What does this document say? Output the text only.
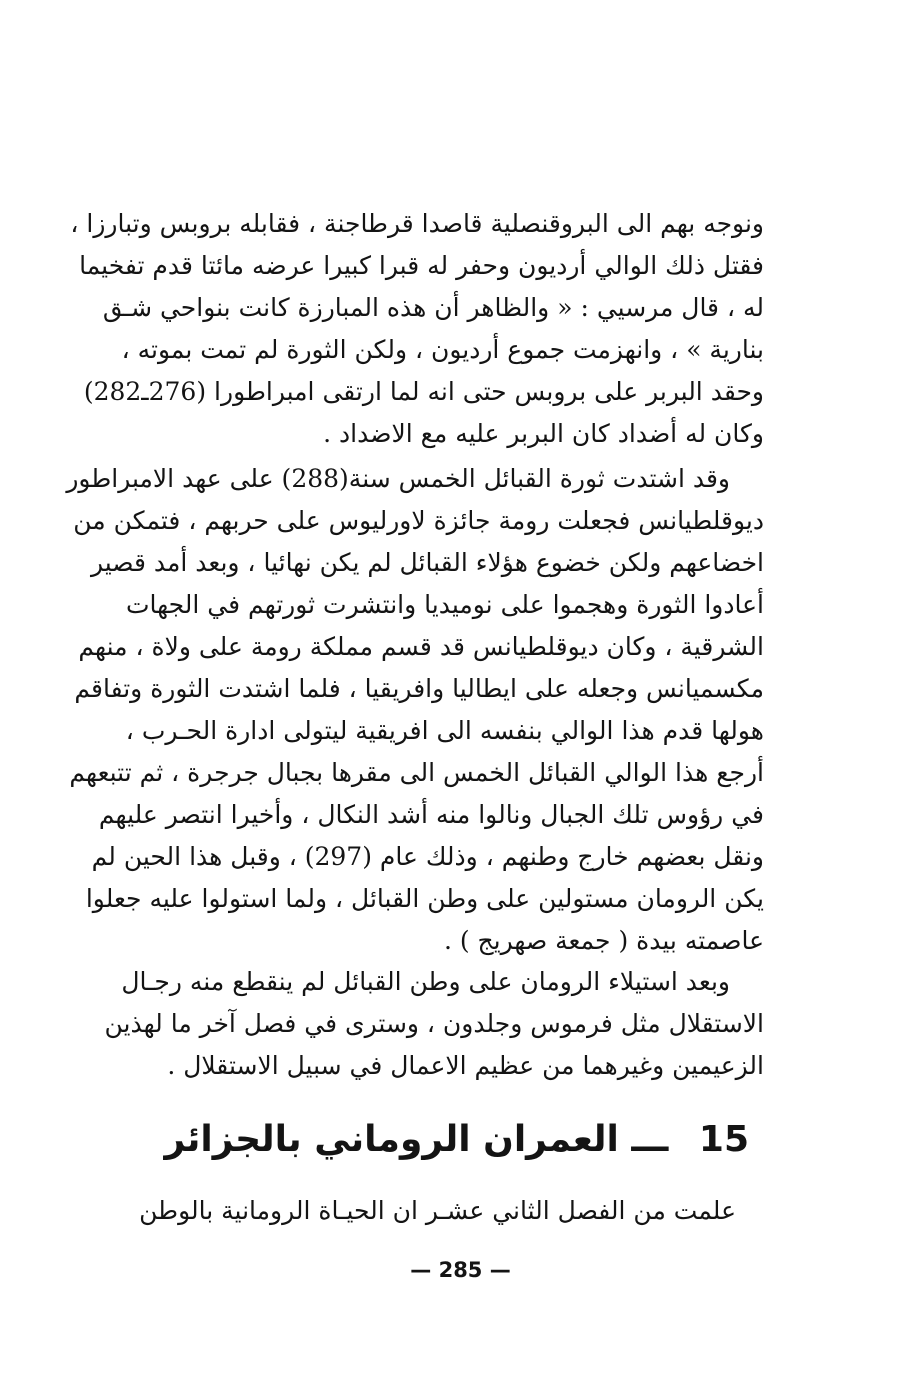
ونوجه بهم الى البروقنصلية قاصدا قرطاجنة ، فقابله بروبس وتبارزا ،
فقتل ذلك الوالي أرديون وحفر له قبرا كبيرا عرضه مائتا قدم تفخيما
له ، قال مرسيي : « والظاهر أن هذه المبارزة كانت بنواحي شـق
بنارية » ، وانهزمت جموع أرديون ، ولكن الثورة لم تمت بموته ،
وحقد البربر على بروبس حتى انه لما ارتقى امبراطورا (276ـ282)
وكان له أضداد كان البربر عليه مع الاضداد .
وقد اشتدت ثورة القبائل الخمس سنة(288) على عهد الامبراطور
ديوقلطيانس فجعلت رومة جائزة لاورليوس على حربهم ، فتمكن من
اخضاعهم ولكن خضوع هؤلاء القبائل لم يكن نهائيا ، وبعد أمد قصير
أعادوا الثورة وهجموا على نوميديا وانتشرت ثورتهم في الجهات
الشرقية ، وكان ديوقلطيانس قد قسم مملكة رومة على ولاة ، منهم
مكسميانس وجعله على ايطاليا وافريقيا ، فلما اشتدت الثورة وتفاقم
هولها قدم هذا الوالي بنفسه الى افريقية ليتولى ادارة الحـرب ،
أرجع هذا الوالي القبائل الخمس الى مقرها بجبال جرجرة ، ثم تتبعهم
في رؤوس تلك الجبال ونالوا منه أشد النكال ، وأخيرا انتصر عليهم
ونقل بعضهم خارج وطنهم ، وذلك عام (297) ، وقبل هذا الحين لم
يكن الرومان مستولين على وطن القبائل ، ولما استولوا عليه جعلوا
عاصمته بيدة ( جمعة صهريج ) .
وبعد استيلاء الرومان على وطن القبائل لم ينقطع منه رجـال
الاستقلال مثل فرموس وجلدون ، وسترى في فصل آخر ما لهذين
الزعيمين وغيرهما من عظيم الاعمال في سبيل الاستقلال .
15 ـــ العمران الروماني بالجزائر
علمت من الفصل الثاني عشـر ان الحيـاة الرومانية بالوطن
— 285 —
